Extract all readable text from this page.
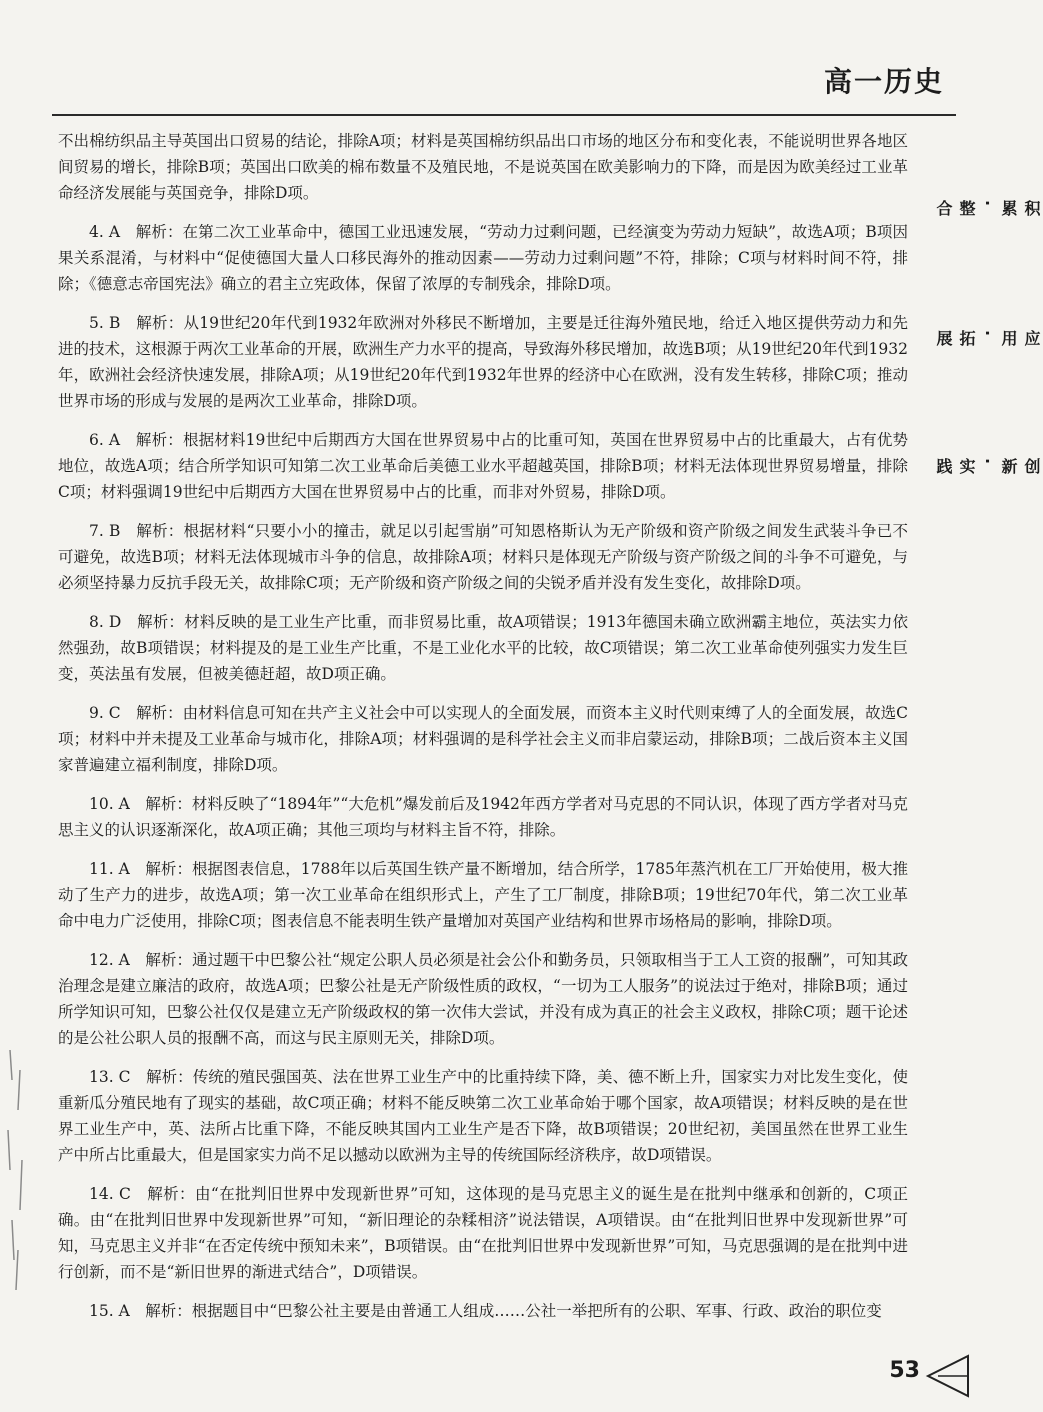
高一历史
积累·整合
应用·拓展
创新·实践

不出棉纺织品主导英国出口贸易的结论，排除A项；材料是英国棉纺织品出口市场的地区分布和变化表，不能说明世界各地区间贸易的增长，排除B项；英国出口欧美的棉布数量不及殖民地，不是说英国在欧美影响力的下降，而是因为欧美经过工业革命经济发展能与英国竞争，排除D项。

4. A　解析：在第二次工业革命中，德国工业迅速发展，“劳动力过剩问题，已经演变为劳动力短缺”，故选A项；B项因果关系混淆，与材料中“促使德国大量人口移民海外的推动因素——劳动力过剩问题”不符，排除；C项与材料时间不符，排除；《德意志帝国宪法》确立的君主立宪政体，保留了浓厚的专制残余，排除D项。

5. B　解析：从19世纪20年代到1932年欧洲对外移民不断增加，主要是迁往海外殖民地，给迁入地区提供劳动力和先进的技术，这根源于两次工业革命的开展，欧洲生产力水平的提高，导致海外移民增加，故选B项；从19世纪20年代到1932年，欧洲社会经济快速发展，排除A项；从19世纪20年代到1932年世界的经济中心在欧洲，没有发生转移，排除C项；推动世界市场的形成与发展的是两次工业革命，排除D项。

6. A　解析：根据材料19世纪中后期西方大国在世界贸易中占的比重可知，英国在世界贸易中占的比重最大，占有优势地位，故选A项；结合所学知识可知第二次工业革命后美德工业水平超越英国，排除B项；材料无法体现世界贸易增量，排除C项；材料强调19世纪中后期西方大国在世界贸易中占的比重，而非对外贸易，排除D项。

7. B　解析：根据材料“只要小小的撞击，就足以引起雪崩”可知恩格斯认为无产阶级和资产阶级之间发生武装斗争已不可避免，故选B项；材料无法体现城市斗争的信息，故排除A项；材料只是体现无产阶级与资产阶级之间的斗争不可避免，与必须坚持暴力反抗手段无关，故排除C项；无产阶级和资产阶级之间的尖锐矛盾并没有发生变化，故排除D项。

8. D　解析：材料反映的是工业生产比重，而非贸易比重，故A项错误；1913年德国未确立欧洲霸主地位，英法实力依然强劲，故B项错误；材料提及的是工业生产比重，不是工业化水平的比较，故C项错误；第二次工业革命使列强实力发生巨变，英法虽有发展，但被美德赶超，故D项正确。

9. C　解析：由材料信息可知在共产主义社会中可以实现人的全面发展，而资本主义时代则束缚了人的全面发展，故选C项；材料中并未提及工业革命与城市化，排除A项；材料强调的是科学社会主义而非启蒙运动，排除B项；二战后资本主义国家普遍建立福利制度，排除D项。

10. A　解析：材料反映了“1894年”“大危机”爆发前后及1942年西方学者对马克思的不同认识，体现了西方学者对马克思主义的认识逐渐深化，故A项正确；其他三项均与材料主旨不符，排除。

11. A　解析：根据图表信息，1788年以后英国生铁产量不断增加，结合所学，1785年蒸汽机在工厂开始使用，极大推动了生产力的进步，故选A项；第一次工业革命在组织形式上，产生了工厂制度，排除B项；19世纪70年代，第二次工业革命中电力广泛使用，排除C项；图表信息不能表明生铁产量增加对英国产业结构和世界市场格局的影响，排除D项。

12. A　解析：通过题干中巴黎公社“规定公职人员必须是社会公仆和勤务员，只领取相当于工人工资的报酬”，可知其政治理念是建立廉洁的政府，故选A项；巴黎公社是无产阶级性质的政权，“一切为工人服务”的说法过于绝对，排除B项；通过所学知识可知，巴黎公社仅仅是建立无产阶级政权的第一次伟大尝试，并没有成为真正的社会主义政权，排除C项；题干论述的是公社公职人员的报酬不高，而这与民主原则无关，排除D项。

13. C　解析：传统的殖民强国英、法在世界工业生产中的比重持续下降，美、德不断上升，国家实力对比发生变化，使重新瓜分殖民地有了现实的基础，故C项正确；材料不能反映第二次工业革命始于哪个国家，故A项错误；材料反映的是在世界工业生产中，英、法所占比重下降，不能反映其国内工业生产是否下降，故B项错误；20世纪初，美国虽然在世界工业生产中所占比重最大，但是国家实力尚不足以撼动以欧洲为主导的传统国际经济秩序，故D项错误。

14. C　解析：由“在批判旧世界中发现新世界”可知，这体现的是马克思主义的诞生是在批判中继承和创新的，C项正确。由“在批判旧世界中发现新世界”可知，“新旧理论的杂糅相济”说法错误，A项错误。由“在批判旧世界中发现新世界”可知，马克思主义并非“在否定传统中预知未来”，B项错误。由“在批判旧世界中发现新世界”可知，马克思强调的是在批判中进行创新，而不是“新旧世界的渐进式结合”，D项错误。

15. A　解析：根据题目中“巴黎公社主要是由普通工人组成……公社一举把所有的公职、军事、行政、政治的职位变

53
